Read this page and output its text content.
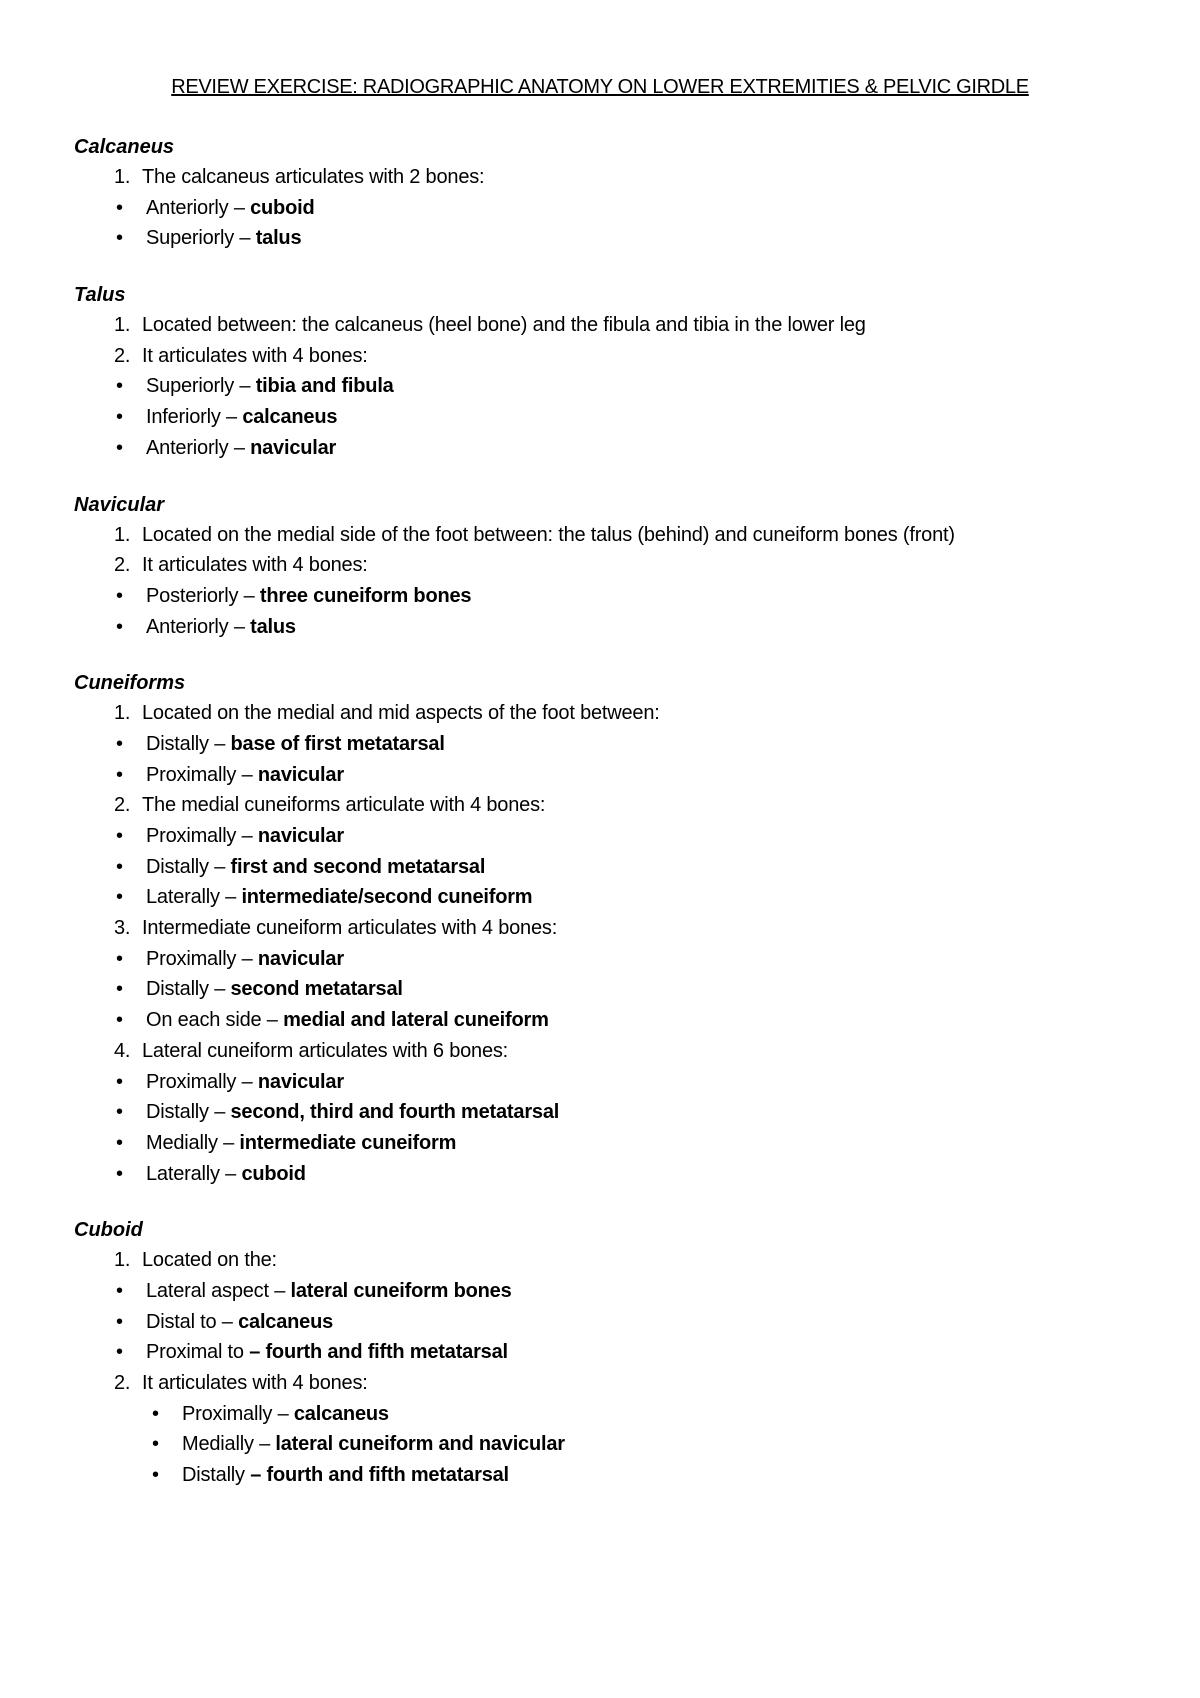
REVIEW EXERCISE: RADIOGRAPHIC ANATOMY ON LOWER EXTREMITIES & PELVIC GIRDLE
Calcaneus
1. The calcaneus articulates with 2 bones:
• Anteriorly – cuboid
• Superiorly – talus
Talus
1. Located between: the calcaneus (heel bone) and the fibula and tibia in the lower leg
2. It articulates with 4 bones:
• Superiorly – tibia and fibula
• Inferiorly – calcaneus
• Anteriorly – navicular
Navicular
1. Located on the medial side of the foot between: the talus (behind) and cuneiform bones (front)
2. It articulates with 4 bones:
• Posteriorly – three cuneiform bones
• Anteriorly – talus
Cuneiforms
1. Located on the medial and mid aspects of the foot between:
• Distally – base of first metatarsal
• Proximally – navicular
2. The medial cuneiforms articulate with 4 bones:
• Proximally – navicular
• Distally – first and second metatarsal
• Laterally – intermediate/second cuneiform
3. Intermediate cuneiform articulates with 4 bones:
• Proximally – navicular
• Distally – second metatarsal
• On each side – medial and lateral cuneiform
4. Lateral cuneiform articulates with 6 bones:
• Proximally – navicular
• Distally – second, third and fourth metatarsal
• Medially – intermediate cuneiform
• Laterally – cuboid
Cuboid
1. Located on the:
• Lateral aspect – lateral cuneiform bones
• Distal to – calcaneus
• Proximal to – fourth and fifth metatarsal
2. It articulates with 4 bones:
• Proximally – calcaneus
• Medially – lateral cuneiform and navicular
• Distally – fourth and fifth metatarsal
